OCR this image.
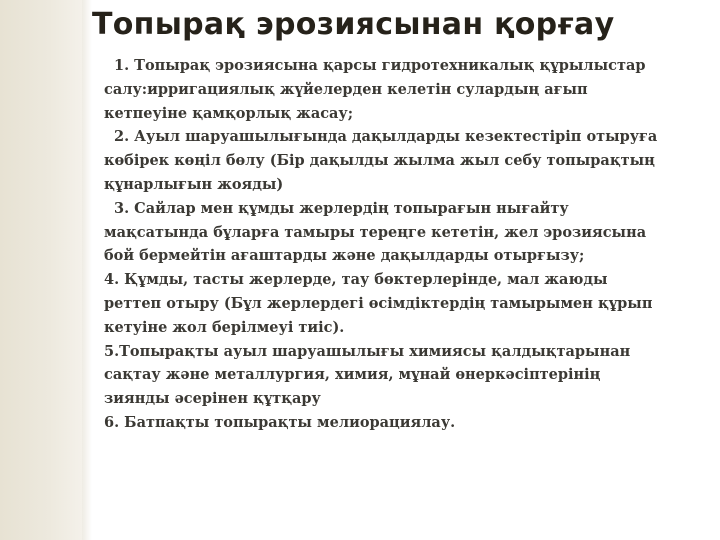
Топырақ эрозиясынан қорғау
1. Топырақ эрозиясына қарсы гидротехникалық құрылыстар
салу:ирригациялық жүйелерден келетін сулардың ағып
кетпеуіне қамқорлық жасау;
2. Ауыл шаруашылығында дақылдарды кезектестіріп отыруға
көбірек көңіл бөлу (Бір дақылды жылма жыл себу топырақтың
құнарлығын жояды)
3. Сайлар мен құмды жерлердің топырағын нығайту
мақсатында бұларға тамыры тереңге кететін, жел эрозиясына
бой бермейтін ағаштарды және дақылдарды отырғызу;
4. Құмды, тасты жерлерде, тау бөктерлерінде, мал жаюды
реттеп отыру (Бұл жерлердегі өсімдіктердің тамырымен құрып
кетуіне жол берілмеуі тиіс).
5.Топырақты ауыл шаруашылығы химиясы қалдықтарынан
сақтау және металлургия, химия, мұнай өнеркәсіптерінің
зиянды әсерінен құтқару
6. Батпақты топырақты мелиорациялау.
